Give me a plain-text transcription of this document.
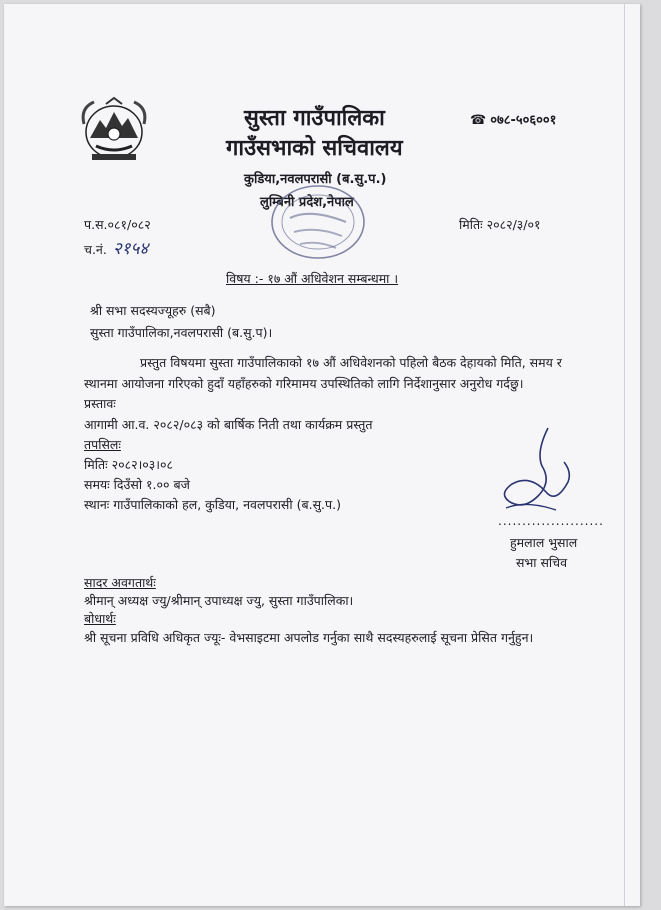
सुस्ता गाउँपालिका
गाउँसभाको सचिवालय
कुडिया,नवलपरासी (ब.सु.प.)
लुम्बिनी प्रदेश,नेपाल
☎ ०७८-५०६००१
प.स.०८१/०८२	मितिः २०८२/३/०१
च.नं. २१५४
विषय :- १७ औं अधिवेशन सम्बन्धमा ।
श्री सभा सदस्यज्यूहरु (सबै)
सुस्ता गाउँपालिका,नवलपरासी (ब.सु.प)।
प्रस्तुत विषयमा सुस्ता गाउँपालिकाको १७ औं अधिवेशनको पहिलो बैठक देहायको मिति, समय र
स्थानमा आयोजना गरिएको हुदाँ यहाँहरुको गरिमामय उपस्थितिको लागि निर्देशानुसार अनुरोध गर्दछु।
प्रस्तावः
आगामी आ.व. २०८२/०८३ को बार्षिक निती तथा कार्यक्रम प्रस्तुत
तपसिलः
मितिः २०८२।०३।०८
समयः दिउँसो १.०० बजे
स्थानः गाउँपालिकाको हल, कुडिया, नवलपरासी (ब.सु.प.)
......................
हुमलाल भुसाल
सभा सचिव
सादर अवगतार्थः
श्रीमान् अध्यक्ष ज्यु/श्रीमान् उपाध्यक्ष ज्यु, सुस्ता गाउँपालिका।
बोधार्थः
श्री सूचना प्रविधि अधिकृत ज्यूः- वेभसाइटमा अपलोड गर्नुका साथै सदस्यहरुलाई सूचना प्रेसित गर्नुहुन।
